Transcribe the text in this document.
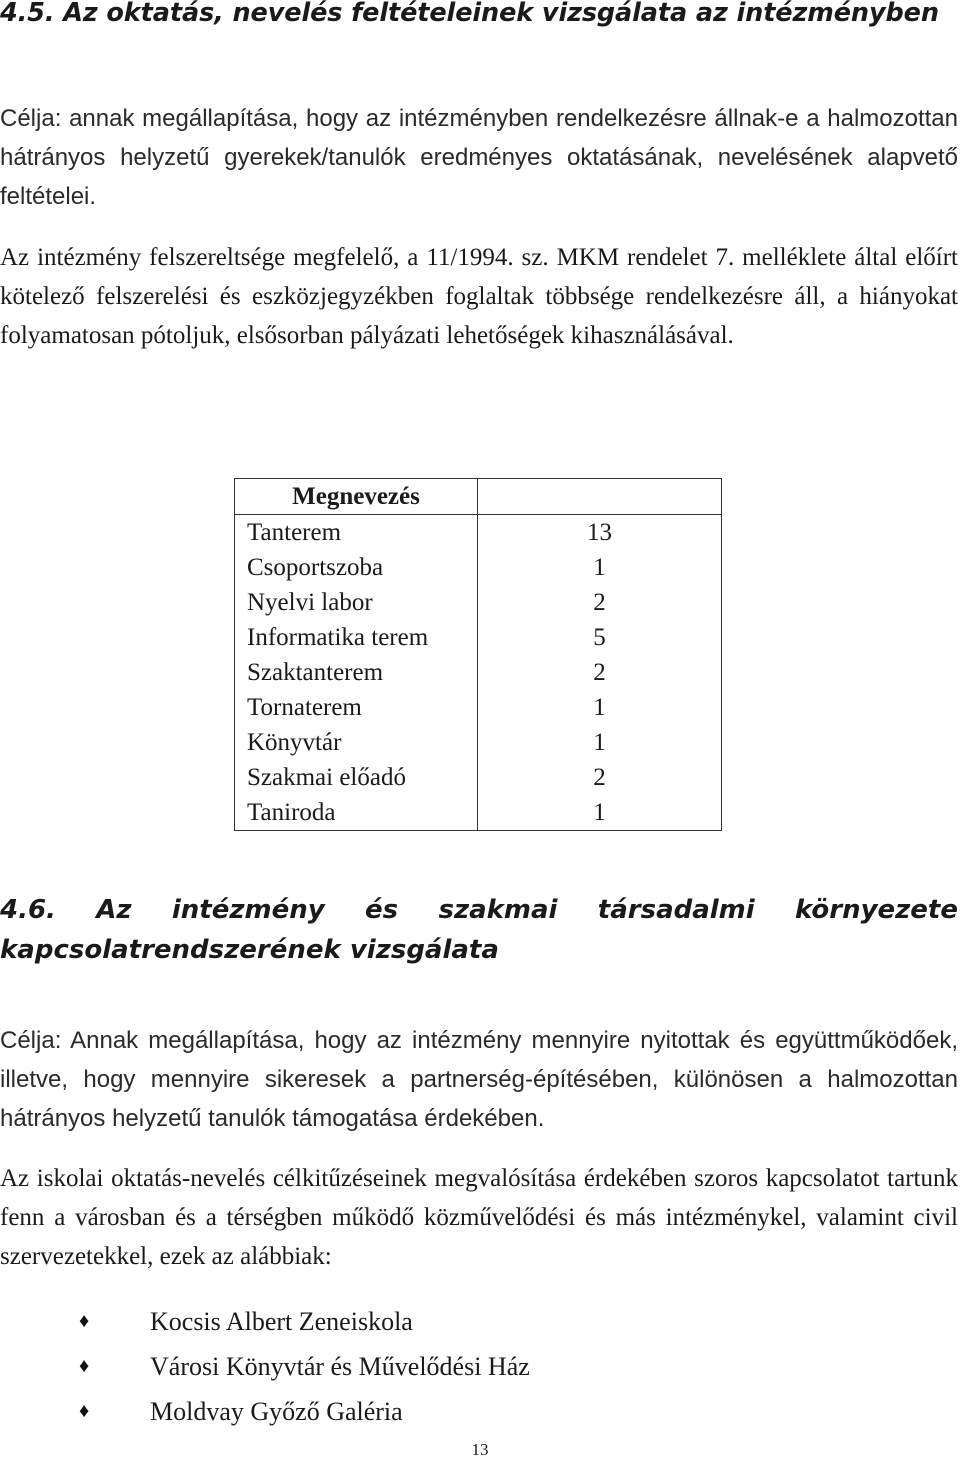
4.5. Az oktatás, nevelés feltételeinek vizsgálata az intézményben

Célja: annak megállapítása, hogy az intézményben rendelkezésre állnak-e a halmozottan hátrányos helyzetű gyerekek/tanulók eredményes oktatásának, nevelésének alapvető feltételei.

Az intézmény felszereltsége megfelelő, a 11/1994. sz. MKM rendelet 7. melléklete által előírt kötelező felszerelési és eszközjegyzékben foglaltak többsége rendelkezésre áll, a hiányokat folyamatosan pótoljuk, elsősorban pályázati lehetőségek kihasználásával.

Megnevezés	
Tanterem	13
Csoportszoba	1
Nyelvi labor	2
Informatika terem	5
Szaktanterem	2
Tornaterem	1
Könyvtár	1
Szakmai előadó	2
Taniroda	1
4.6. Az intézmény és szakmai társadalmi környezete kapcsolatrendszerének vizsgálata

Célja: Annak megállapítása, hogy az intézmény mennyire nyitottak és együttműködőek, illetve, hogy mennyire sikeresek a partnerség-építésében, különösen a halmozottan hátrányos helyzetű tanulók támogatása érdekében.

Az iskolai oktatás-nevelés célkitűzéseinek megvalósítása érdekében szoros kapcsolatot tartunk fenn a városban és a térségben működő közművelődési és más intézménykel, valamint civil szervezetekkel, ezek az alábbiak:

♦ Kocsis Albert Zeneiskola
♦ Városi Könyvtár és Művelődési Ház
♦ Moldvay Győző Galéria
13
